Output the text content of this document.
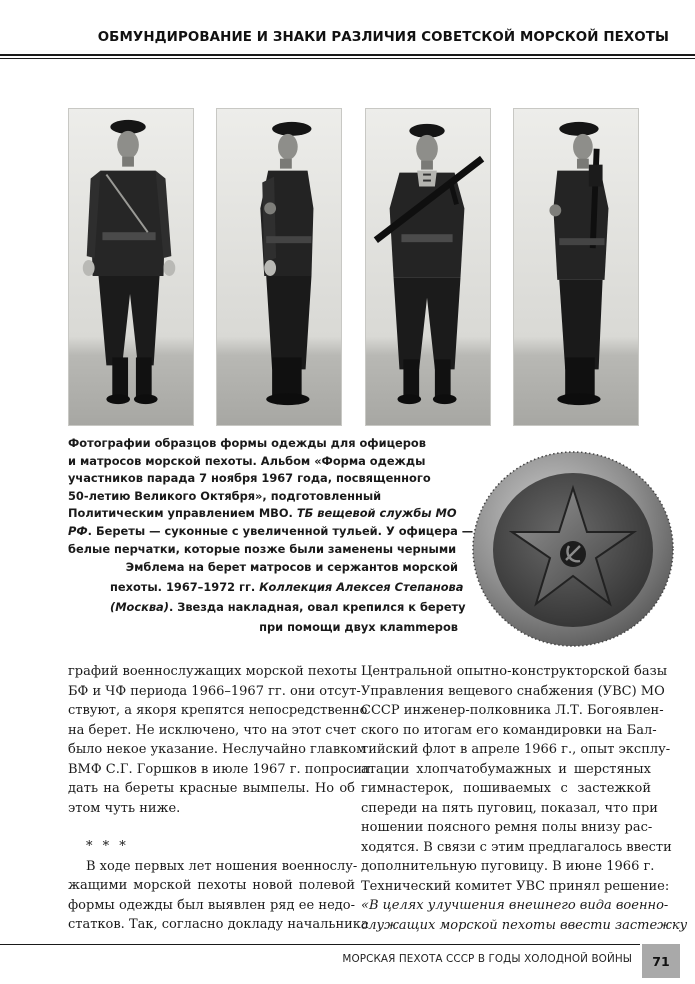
ОБМУНДИРОВАНИЕ И ЗНАКИ РАЗЛИЧИЯ СОВЕТСКОЙ МОРСКОЙ ПЕХОТЫ
Фотографии образцов формы одежды для офицеров
и матросов морской пехоты. Альбом «Форма одежды
участников парада 7 ноября 1967 года, посвященного
50-летию Великого Октября», подготовленный
Политическим управлением МВО. ТБ вещевой службы МО
РФ. Береты — суконные с увеличенной тульей. У офицера —
белые перчатки, которые позже были заменены черными
Эмблема на берет матросов и сержантов морской
пехоты. 1967–1972 гг. Коллекция Алексея Степанова
(Москва). Звезда накладная, овал крепился к берету
при помощи двух клammеров
графий военнослужащих морской пехоты
БФ и ЧФ периода 1966–1967 гг. они отсут-
ствуют, а якоря крепятся непосредственно
на берет. Не исключено, что на этот счет
было некое указание. Неслучайно главком
ВМФ С.Г. Горшков в июле 1967 г. попросил
дать на береты красные вымпелы. Но об
этом чуть ниже.
* * *
В ходе первых лет ношения военнослу-
жащими морской пехоты новой полевой
формы одежды был выявлен ряд ее недо-
статков. Так, согласно докладу начальника
Центральной опытно-конструкторской базы
Управления вещевого снабжения (УВС) МО
СССР инженер-полковника Л.Т. Богоявлен-
ского по итогам его командировки на Бал-
тийский флот в апреле 1966 г., опыт эксплу-
атации хлопчатобумажных и шерстяных
гимнастерок, пошиваемых с застежкой
спереди на пять пуговиц, показал, что при
ношении поясного ремня полы внизу рас-
ходятся. В связи с этим предлагалось ввести
дополнительную пуговицу. В июне 1966 г.
Технический комитет УВС принял решение:
«В целях улучшения внешнего вида военно-
служащих морской пехоты ввести застежку
МОРСКАЯ ПЕХОТА СССР В ГОДЫ ХОЛОДНОЙ ВОЙНЫ	71
